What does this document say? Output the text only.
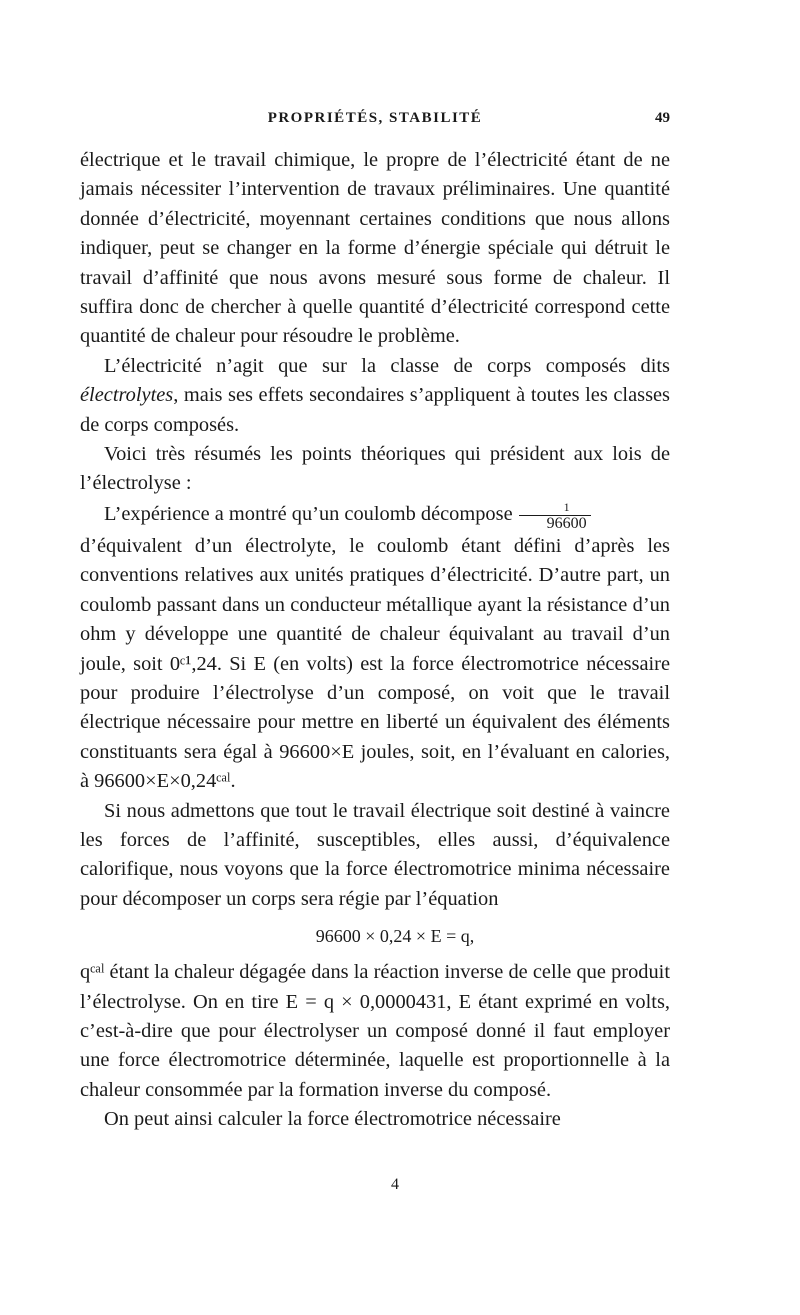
PROPRIÉTÉS, STABILITÉ	49

électrique et le travail chimique, le propre de l’électricité étant de ne jamais nécessiter l’intervention de travaux préliminaires. Une quantité donnée d’électricité, moyennant certaines conditions que nous allons indiquer, peut se changer en la forme d’énergie spéciale qui détruit le travail d’affinité que nous avons mesuré sous forme de chaleur. Il suffira donc de chercher à quelle quantité d’électricité correspond cette quantité de chaleur pour résoudre le problème.

L’électricité n’agit que sur la classe de corps composés dits électrolytes, mais ses effets secondaires s’appliquent à toutes les classes de corps composés.

Voici très résumés les points théoriques qui président aux lois de l’électrolyse :

L’expérience a montré qu’un coulomb décompose $\frac{1}{96600}$

d’équivalent d’un électrolyte, le coulomb étant défini d’après les conventions relatives aux unités pratiques d’électricité. D’autre part, un coulomb passant dans un conducteur métallique ayant la résistance d’un ohm y développe une quantité de chaleur équivalant au travail d’un joule, soit 0ᶜ¹,24. Si E (en volts) est la force électromotrice nécessaire pour produire l’électrolyse d’un composé, on voit que le travail électrique nécessaire pour mettre en liberté un équivalent des éléments constituants sera égal à 96600×E joules, soit, en l’évaluant en calories, à 96600×E×0,24ᶜᵃˡ.

Si nous admettons que tout le travail électrique soit destiné à vaincre les forces de l’affinité, susceptibles, elles aussi, d’équivalence calorifique, nous voyons que la force électromotrice minima nécessaire pour décomposer un corps sera régie par l’équation

96600 × 0,24 × E = q,

qᶜᵃˡ étant la chaleur dégagée dans la réaction inverse de celle que produit l’électrolyse. On en tire E = q × 0,0000431, E étant exprimé en volts, c’est-à-dire que pour électrolyser un composé donné il faut employer une force électromotrice déterminée, laquelle est proportionnelle à la chaleur consommée par la formation inverse du composé.

On peut ainsi calculer la force électromotrice nécessaire

4
